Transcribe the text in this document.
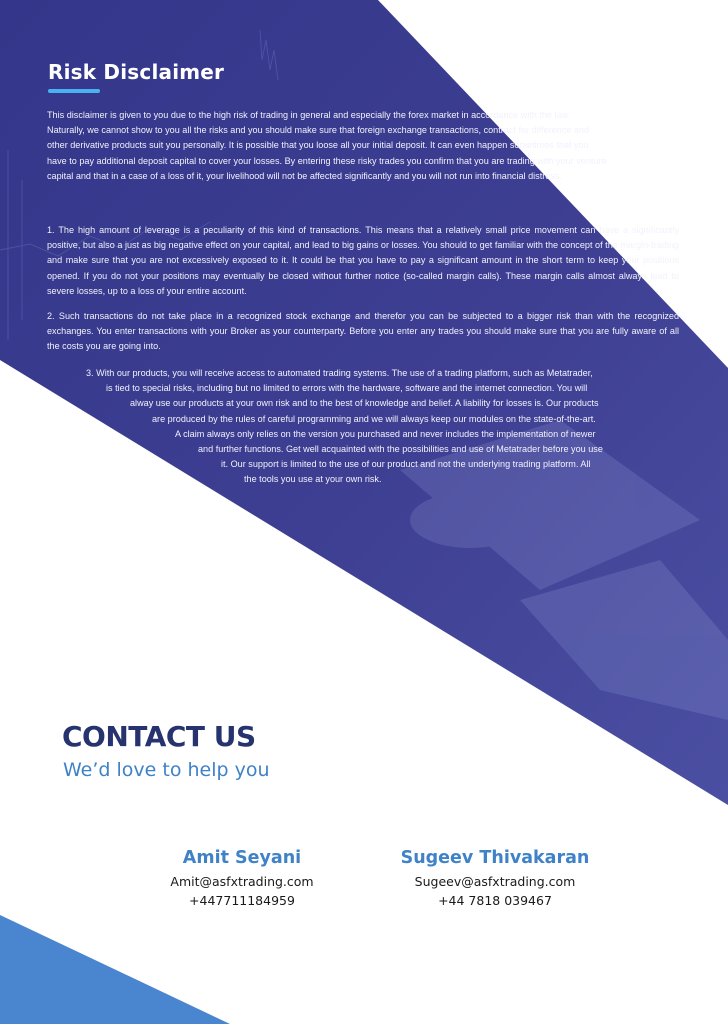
Risk Disclaimer

This disclaimer is given to you due to the high risk of trading in general and especially the forex market in accordance with the law. Naturally, we cannot show to you all the risks and you should make sure that foreign exchange transactions, contract for difference and other derivative products suit you personally. It is possible that you loose all your initial deposit. It can even happen sometimes that you have to pay additional deposit capital to cover your losses. By entering these risky trades you confirm that you are trading with your venture capital and that in a case of a loss of it, your livelihood will not be affected significantly and you will not run into financial distress.

1. The high amount of leverage is a peculiarity of this kind of transactions. This means that a relatively small price movement can have a significantly positive, but also a just as big negative effect on your capital, and lead to big gains or losses. You should to get familiar with the concept of the margin-trading and make sure that you are not excessively exposed to it. It could be that you have to pay a significant amount in the short term to keep your positions opened. If you do not your positions may eventually be closed without further notice (so-called margin calls). These margin calls almost always lead to severe losses, up to a loss of your entire account.

2. Such transactions do not take place in a recognized stock exchange and therefor you can be subjected to a bigger risk than with the recognized exchanges. You enter transactions with your Broker as your counterparty. Before you enter any trades you should make sure that you are fully aware of all the costs you are going into.

3. With our products, you will receive access to automated trading systems. The use of a trading platform, such as Metatrader,
is tied to special risks, including but no limited to errors with the hardware, software and the internet connection. You will
alway use our products at your own risk and to the best of knowledge and belief. A liability for losses is. Our products
are produced by the rules of careful programming and we will always keep our modules on the state-of-the-art.
A claim always only relies on the version you purchased and never includes the implementation of newer
and further functions. Get well acquainted with the possibilities and use of Metatrader before you use
it. Our support is limited to the use of our product and not the underlying trading platform. All
the tools you use at your own risk.

CONTACT US

We’d love to help you

Amit Seyani
Amit@asfxtrading.com
+447711184959
Sugeev Thivakaran
Sugeev@asfxtrading.com
+44 7818 039467
